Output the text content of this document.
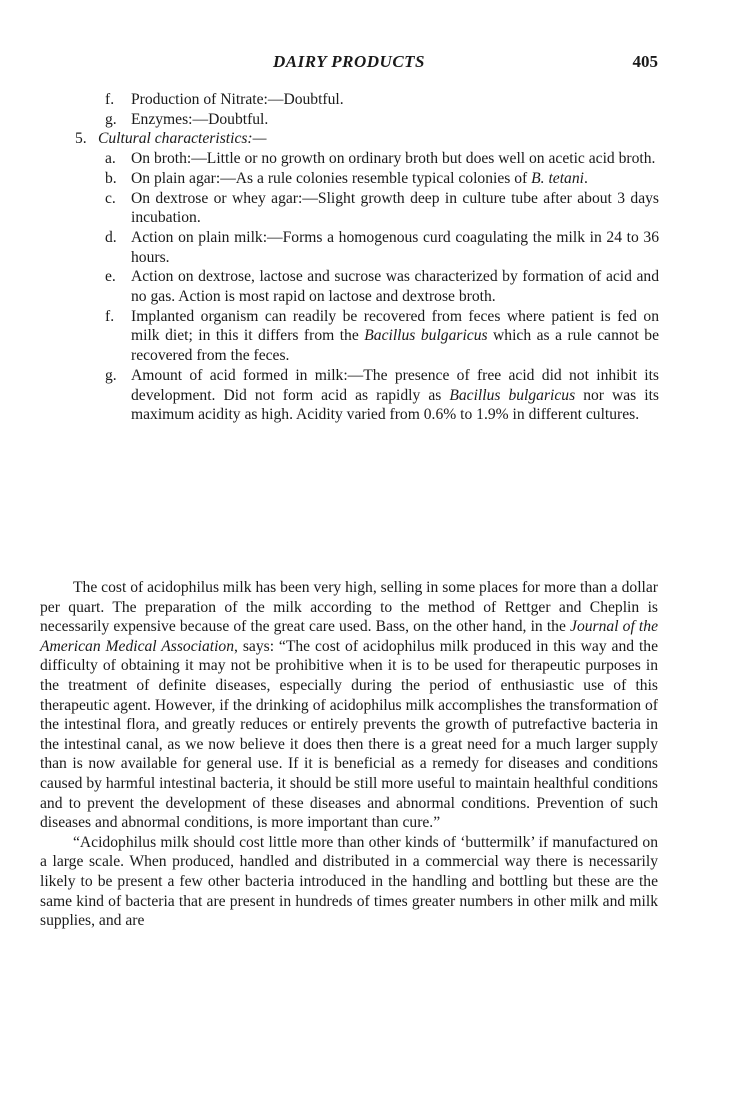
DAIRY PRODUCTS	405
f. Production of Nitrate:—Doubtful.
g. Enzymes:—Doubtful.
5. Cultural characteristics:—
a. On broth:—Little or no growth on ordinary broth but does well on acetic acid broth.
b. On plain agar:—As a rule colonies resemble typical colonies of B. tetani.
c. On dextrose or whey agar:—Slight growth deep in culture tube after about 3 days incubation.
d. Action on plain milk:—Forms a homogenous curd coagulating the milk in 24 to 36 hours.
e. Action on dextrose, lactose and sucrose was characterized by formation of acid and no gas. Action is most rapid on lactose and dextrose broth.
f. Implanted organism can readily be recovered from feces where patient is fed on milk diet; in this it differs from the Bacillus bulgaricus which as a rule cannot be recovered from the feces.
g. Amount of acid formed in milk:—The presence of free acid did not inhibit its development. Did not form acid as rapidly as Bacillus bulgaricus nor was its maximum acidity as high. Acidity varied from 0.6% to 1.9% in different cultures.

The cost of acidophilus milk has been very high, selling in some places for more than a dollar per quart. The preparation of the milk according to the method of Rettger and Cheplin is necessarily expensive because of the great care used. Bass, on the other hand, in the Journal of the American Medical Association, says: “The cost of acidophilus milk produced in this way and the difficulty of obtaining it may not be prohibitive when it is to be used for therapeutic purposes in the treatment of definite diseases, especially during the period of enthusiastic use of this therapeutic agent. However, if the drinking of acidophilus milk accomplishes the transformation of the intestinal flora, and greatly reduces or entirely prevents the growth of putrefactive bacteria in the intestinal canal, as we now believe it does then there is a great need for a much larger supply than is now available for general use. If it is beneficial as a remedy for diseases and conditions caused by harmful intestinal bacteria, it should be still more useful to maintain healthful conditions and to prevent the development of these diseases and abnormal conditions. Prevention of such diseases and abnormal conditions, is more important than cure.”

“Acidophilus milk should cost little more than other kinds of ‘buttermilk’ if manufactured on a large scale. When produced, handled and distributed in a commercial way there is necessarily likely to be present a few other bacteria introduced in the handling and bottling but these are the same kind of bacteria that are present in hundreds of times greater numbers in other milk and milk supplies, and are
